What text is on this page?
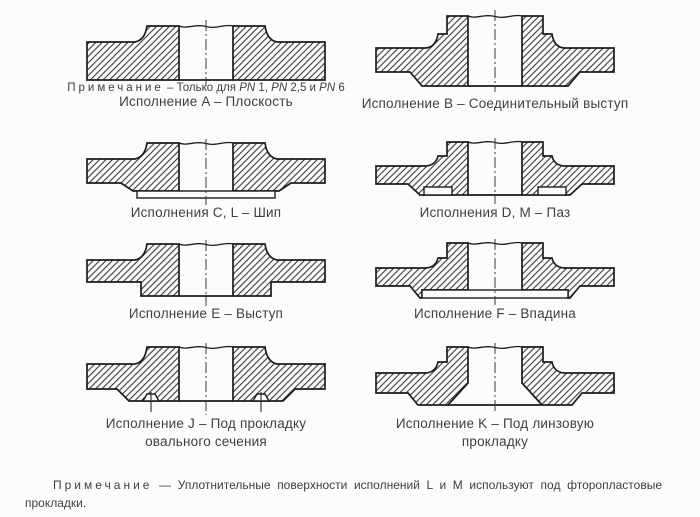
Примечание – Только для PN 1, PN 2,5 и PN 6
Исполнение A – Плоскость	Исполнение B – Соединительный выступ
Исполнения C, L – Шип	Исполнения D, M – Паз
Исполнение E – Выступ	Исполнение F – Впадина
Исполнение J – Под прокладку овального сечения
Исполнение K – Под линзовую прокладку
Примечание — Уплотнительные поверхности исполнений L и M используют под фторопластовые прокладки.
